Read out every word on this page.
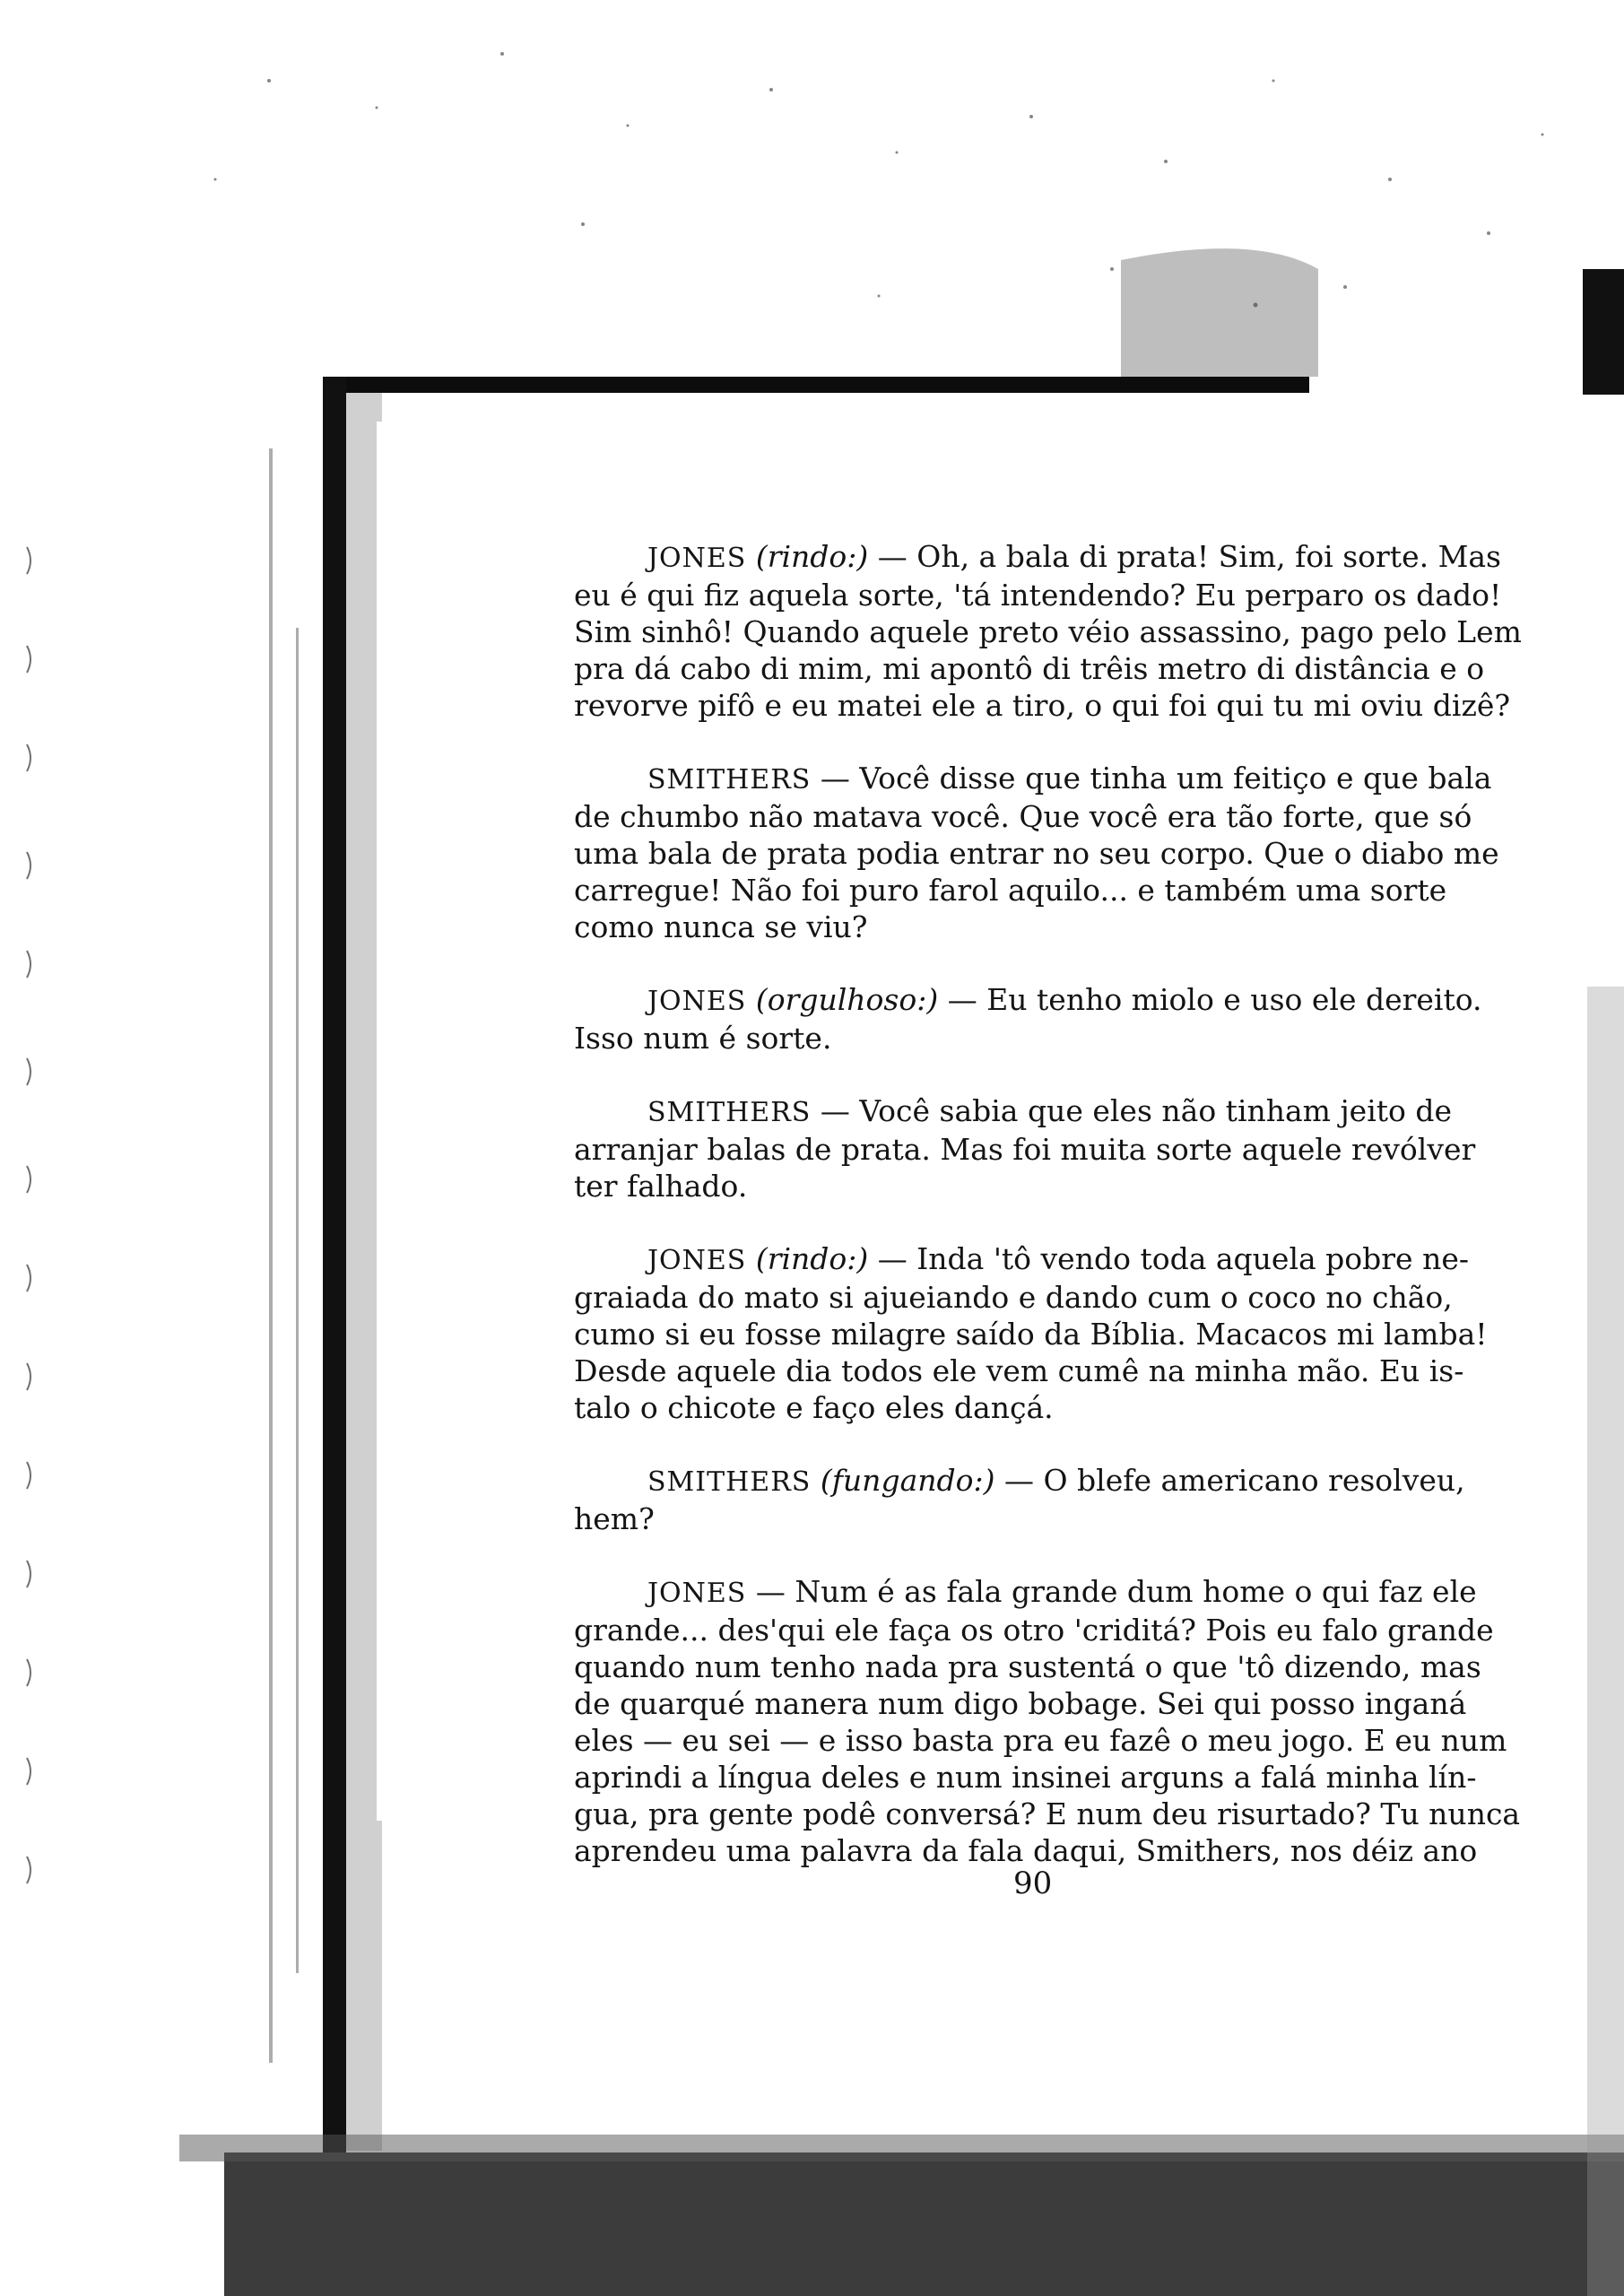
JONES (rindo:) — Oh, a bala di prata! Sim, foi sorte. Mas
eu é qui fiz aquela sorte, 'tá intendendo? Eu perparo os dado!
Sim sinhô! Quando aquele preto véio assassino, pago pelo Lem
pra dá cabo di mim, mi apontô di trêis metro di distância e o
revorve pifô e eu matei ele a tiro, o qui foi qui tu mi oviu dizê?

SMITHERS — Você disse que tinha um feitiço e que bala
de chumbo não matava você. Que você era tão forte, que só
uma bala de prata podia entrar no seu corpo. Que o diabo me
carregue! Não foi puro farol aquilo... e também uma sorte
como nunca se viu?

JONES (orgulhoso:) — Eu tenho miolo e uso ele dereito.
Isso num é sorte.

SMITHERS — Você sabia que eles não tinham jeito de
arranjar balas de prata. Mas foi muita sorte aquele revólver
ter falhado.

JONES (rindo:) — Inda 'tô vendo toda aquela pobre ne-
graiada do mato si ajueiando e dando cum o coco no chão,
cumo si eu fosse milagre saído da Bíblia. Macacos mi lamba!
Desde aquele dia todos ele vem cumê na minha mão. Eu is-
talo o chicote e faço eles dançá.

SMITHERS (fungando:) — O blefe americano resolveu,
hem?

JONES — Num é as fala grande dum home o qui faz ele
grande... des'qui ele faça os otro 'criditá? Pois eu falo grande
quando num tenho nada pra sustentá o que 'tô dizendo, mas
de quarqué manera num digo bobage. Sei qui posso inganá
eles — eu sei — e isso basta pra eu fazê o meu jogo. E eu num
aprindi a língua deles e num insinei arguns a falá minha lín-
gua, pra gente podê conversá? E num deu risurtado? Tu nunca
aprendeu uma palavra da fala daqui, Smithers, nos déiz ano

90
